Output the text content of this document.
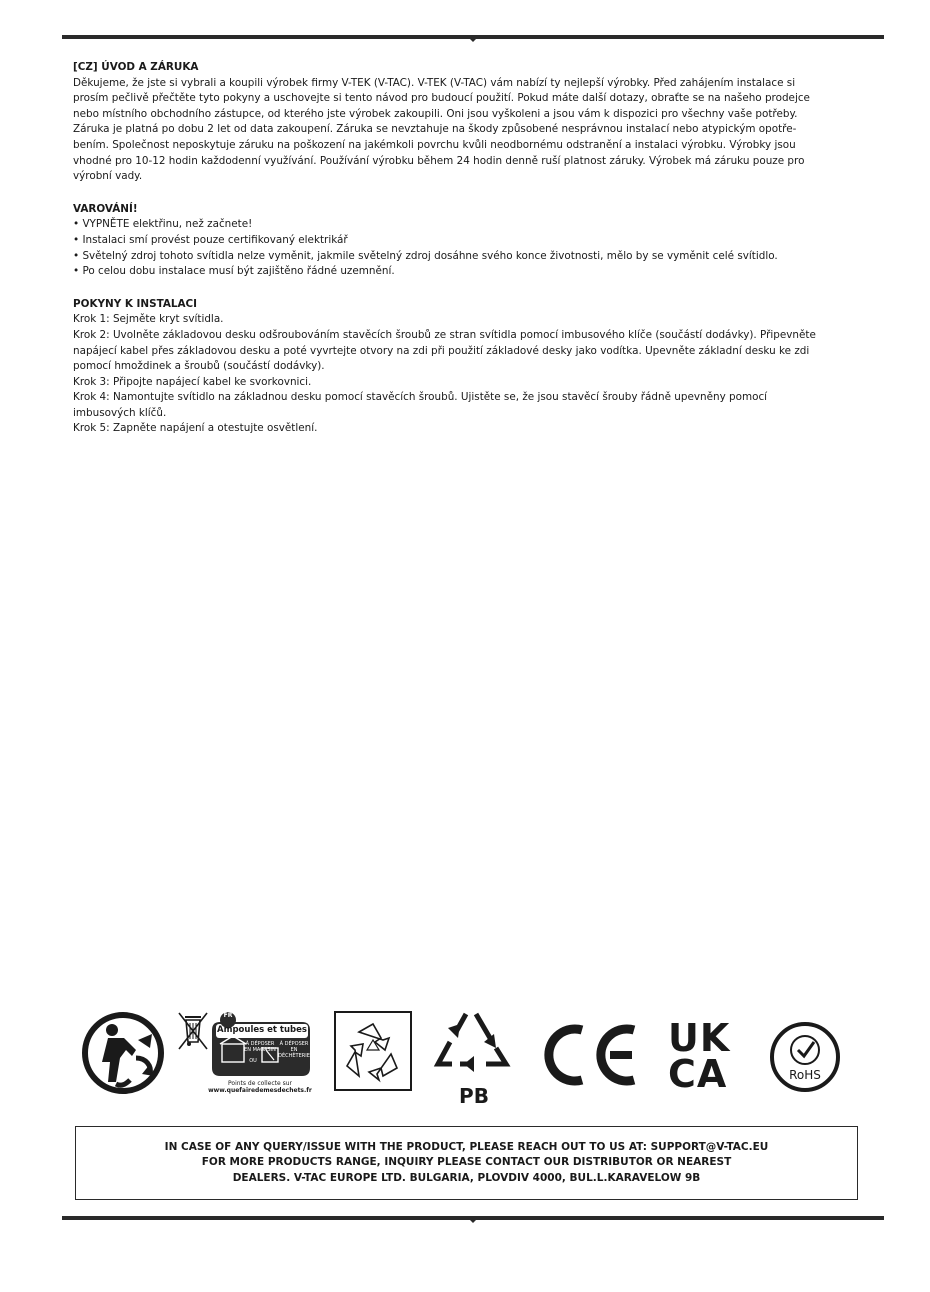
[CZ] ÚVOD A ZÁRUKA

Děkujeme, že jste si vybrali a koupili výrobek firmy V-TEK (V-TAC). V-TEK (V-TAC) vám nabízí ty nejlepší výrobky. Před zahájením instalace si
prosím pečlivě přečtěte tyto pokyny a uschovejte si tento návod pro budoucí použití. Pokud máte další dotazy, obraťte se na našeho prodejce
nebo místního obchodního zástupce, od kterého jste výrobek zakoupili. Oni jsou vyškoleni a jsou vám k dispozici pro všechny vaše potřeby.
Záruka je platná po dobu 2 let od data zakoupení. Záruka se nevztahuje na škody způsobené nesprávnou instalací nebo atypickým opotře-
bením. Společnost neposkytuje záruku na poškození na jakémkoli povrchu kvůli neodbornému odstranění a instalaci výrobku. Výrobky jsou
vhodné pro 10-12 hodin každodenní využívání. Používání výrobku během 24 hodin denně ruší platnost záruky. Výrobek má záruku pouze pro
výrobní vady.

VAROVÁNÍ!
• VYPNĚTE elektřinu, než začnete!
• Instalaci smí provést pouze certifikovaný elektrikář
• Světelný zdroj tohoto svítidla nelze vyměnit, jakmile světelný zdroj dosáhne svého konce životnosti, mělo by se vyměnit celé svítidlo.
• Po celou dobu instalace musí být zajištěno řádné uzemnění.
POKYNY K INSTALACI
Krok 1: Sejměte kryt svítidla.
Krok 2: Uvolněte základovou desku odšroubováním stavěcích šroubů ze stran svítidla pomocí imbusového klíče (součástí dodávky). Připevněte
napájecí kabel přes základovou desku a poté vyvrtejte otvory na zdi při použití základové desky jako vodítka. Upevněte základní desku ke zdi
pomocí hmoždinek a šroubů (součástí dodávky).
Krok 3: Připojte napájecí kabel ke svorkovnici.
Krok 4: Namontujte svítidlo na základnou desku pomocí stavěcích šroubů. Ujistěte se, že jsou stavěcí šrouby řádně upevněny pomocí
imbusových klíčů.
Krok 5: Zapněte napájení a otestujte osvětlení.
FR
Ampoules et tubes
À DÉPOSER
EN MAGASIN
À DÉPOSER
EN DÉCHÈTERIE
OU
Points de collecte sur
www.quefairedemesdechets.fr	PB
UK
CA	RoHS
IN CASE OF ANY QUERY/ISSUE WITH THE PRODUCT, PLEASE REACH OUT TO US AT: SUPPORT@V-TAC.EU
FOR MORE PRODUCTS RANGE, INQUIRY PLEASE CONTACT OUR DISTRIBUTOR OR NEAREST
DEALERS. V-TAC EUROPE LTD. BULGARIA, PLOVDIV 4000, BUL.L.KARAVELOW 9B
